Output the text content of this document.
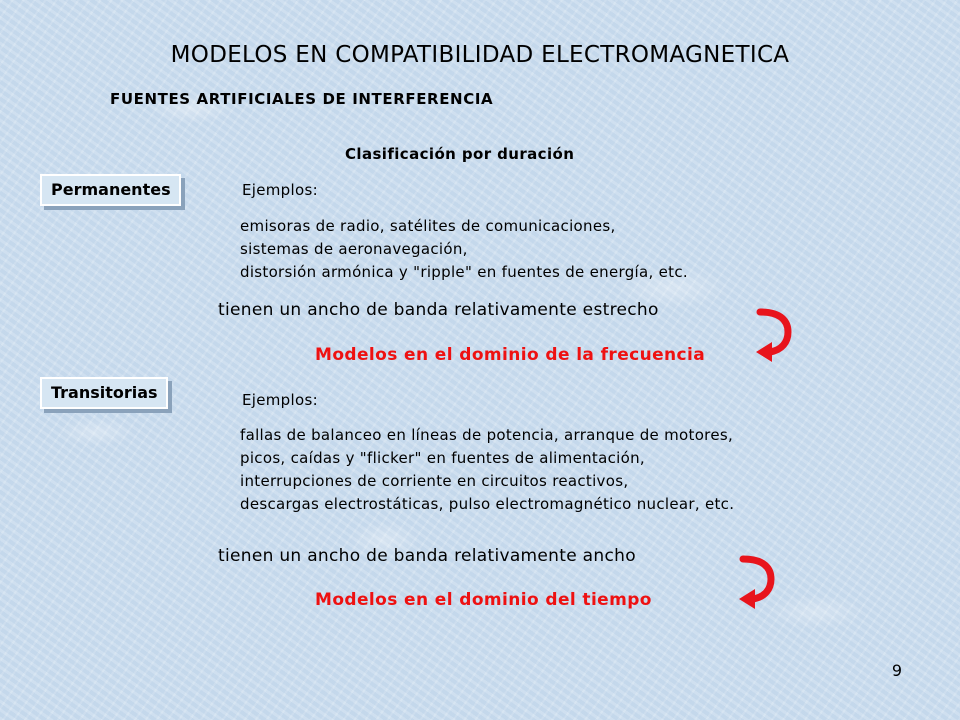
MODELOS EN COMPATIBILIDAD ELECTROMAGNETICA
FUENTES ARTIFICIALES DE INTERFERENCIA
Clasificación por duración
Permanentes	Ejemplos:
emisoras de radio, satélites de comunicaciones,
sistemas de aeronavegación,
distorsión armónica y "ripple" en fuentes de energía, etc.
tienen un ancho de banda relativamente estrecho
Modelos en el dominio de la frecuencia
Transitorias	Ejemplos:
fallas de balanceo en líneas de potencia, arranque de motores,
picos, caídas y "flicker" en fuentes de alimentación,
interrupciones de corriente en circuitos reactivos,
descargas electrostáticas, pulso electromagnético nuclear, etc.
tienen un ancho de banda relativamente ancho
Modelos en el dominio del tiempo
9
